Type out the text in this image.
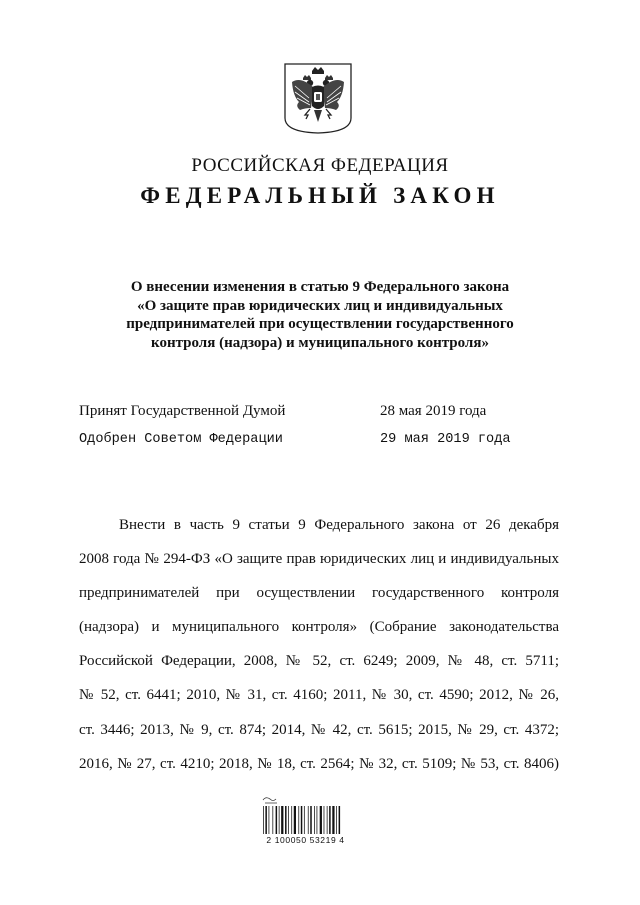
РОССИЙСКАЯ ФЕДЕРАЦИЯ
ФЕДЕРАЛЬНЫЙ ЗАКОН
О внесении изменения в статью 9 Федерального закона
«О защите прав юридических лиц и индивидуальных
предпринимателей при осуществлении государственного
контроля (надзора) и муниципального контроля»
Принят Государственной Думой	28 мая 2019 года
Одобрен Советом Федерации	29 мая 2019 года
Внести в часть 9 статьи 9 Федерального закона от 26 декабря
2008 года № 294-ФЗ «О защите прав юридических лиц и индивидуальных
предпринимателей при осуществлении государственного контроля
(надзора) и муниципального контроля» (Собрание законодательства
Российской Федерации, 2008, № 52, ст. 6249; 2009, № 48, ст. 5711;
№ 52, ст. 6441; 2010, № 31, ст. 4160; 2011, № 30, ст. 4590; 2012, № 26,
ст. 3446; 2013, № 9, ст. 874; 2014, № 42, ст. 5615; 2015, № 29, ст. 4372;
2016, № 27, ст. 4210; 2018, № 18, ст. 2564; № 32, ст. 5109; № 53, ст. 8406)
2 100050 53219 4
